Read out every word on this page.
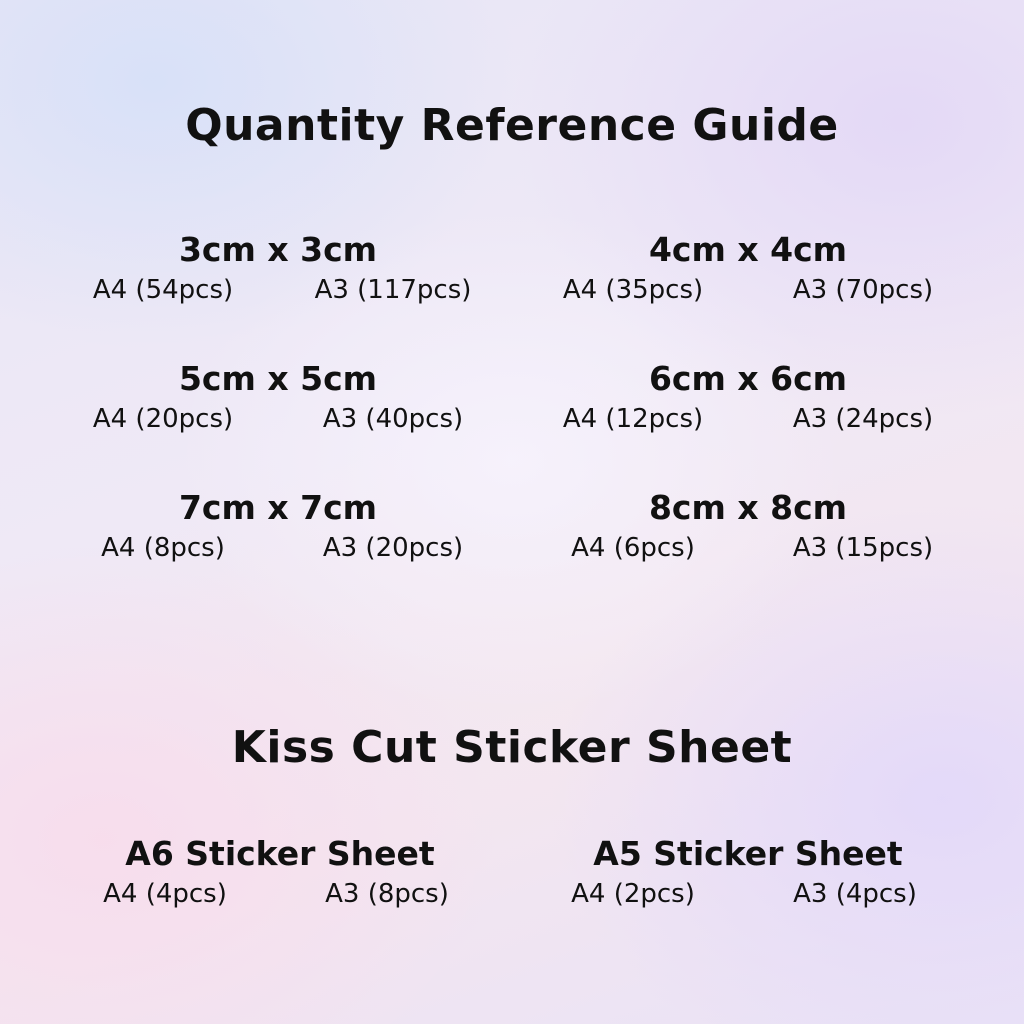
Quantity Reference Guide
3cm x 3cm
A4 (54pcs)	A3 (117pcs)
4cm x 4cm
A4 (35pcs)	A3 (70pcs)
5cm x 5cm
A4 (20pcs)	A3 (40pcs)
6cm x 6cm
A4 (12pcs)	A3 (24pcs)
7cm x 7cm
A4 (8pcs)	A3 (20pcs)
8cm x 8cm
A4 (6pcs)	A3 (15pcs)
Kiss Cut Sticker Sheet
A6 Sticker Sheet
A4 (4pcs)	A3 (8pcs)
A5 Sticker Sheet
A4 (2pcs)	A3 (4pcs)
